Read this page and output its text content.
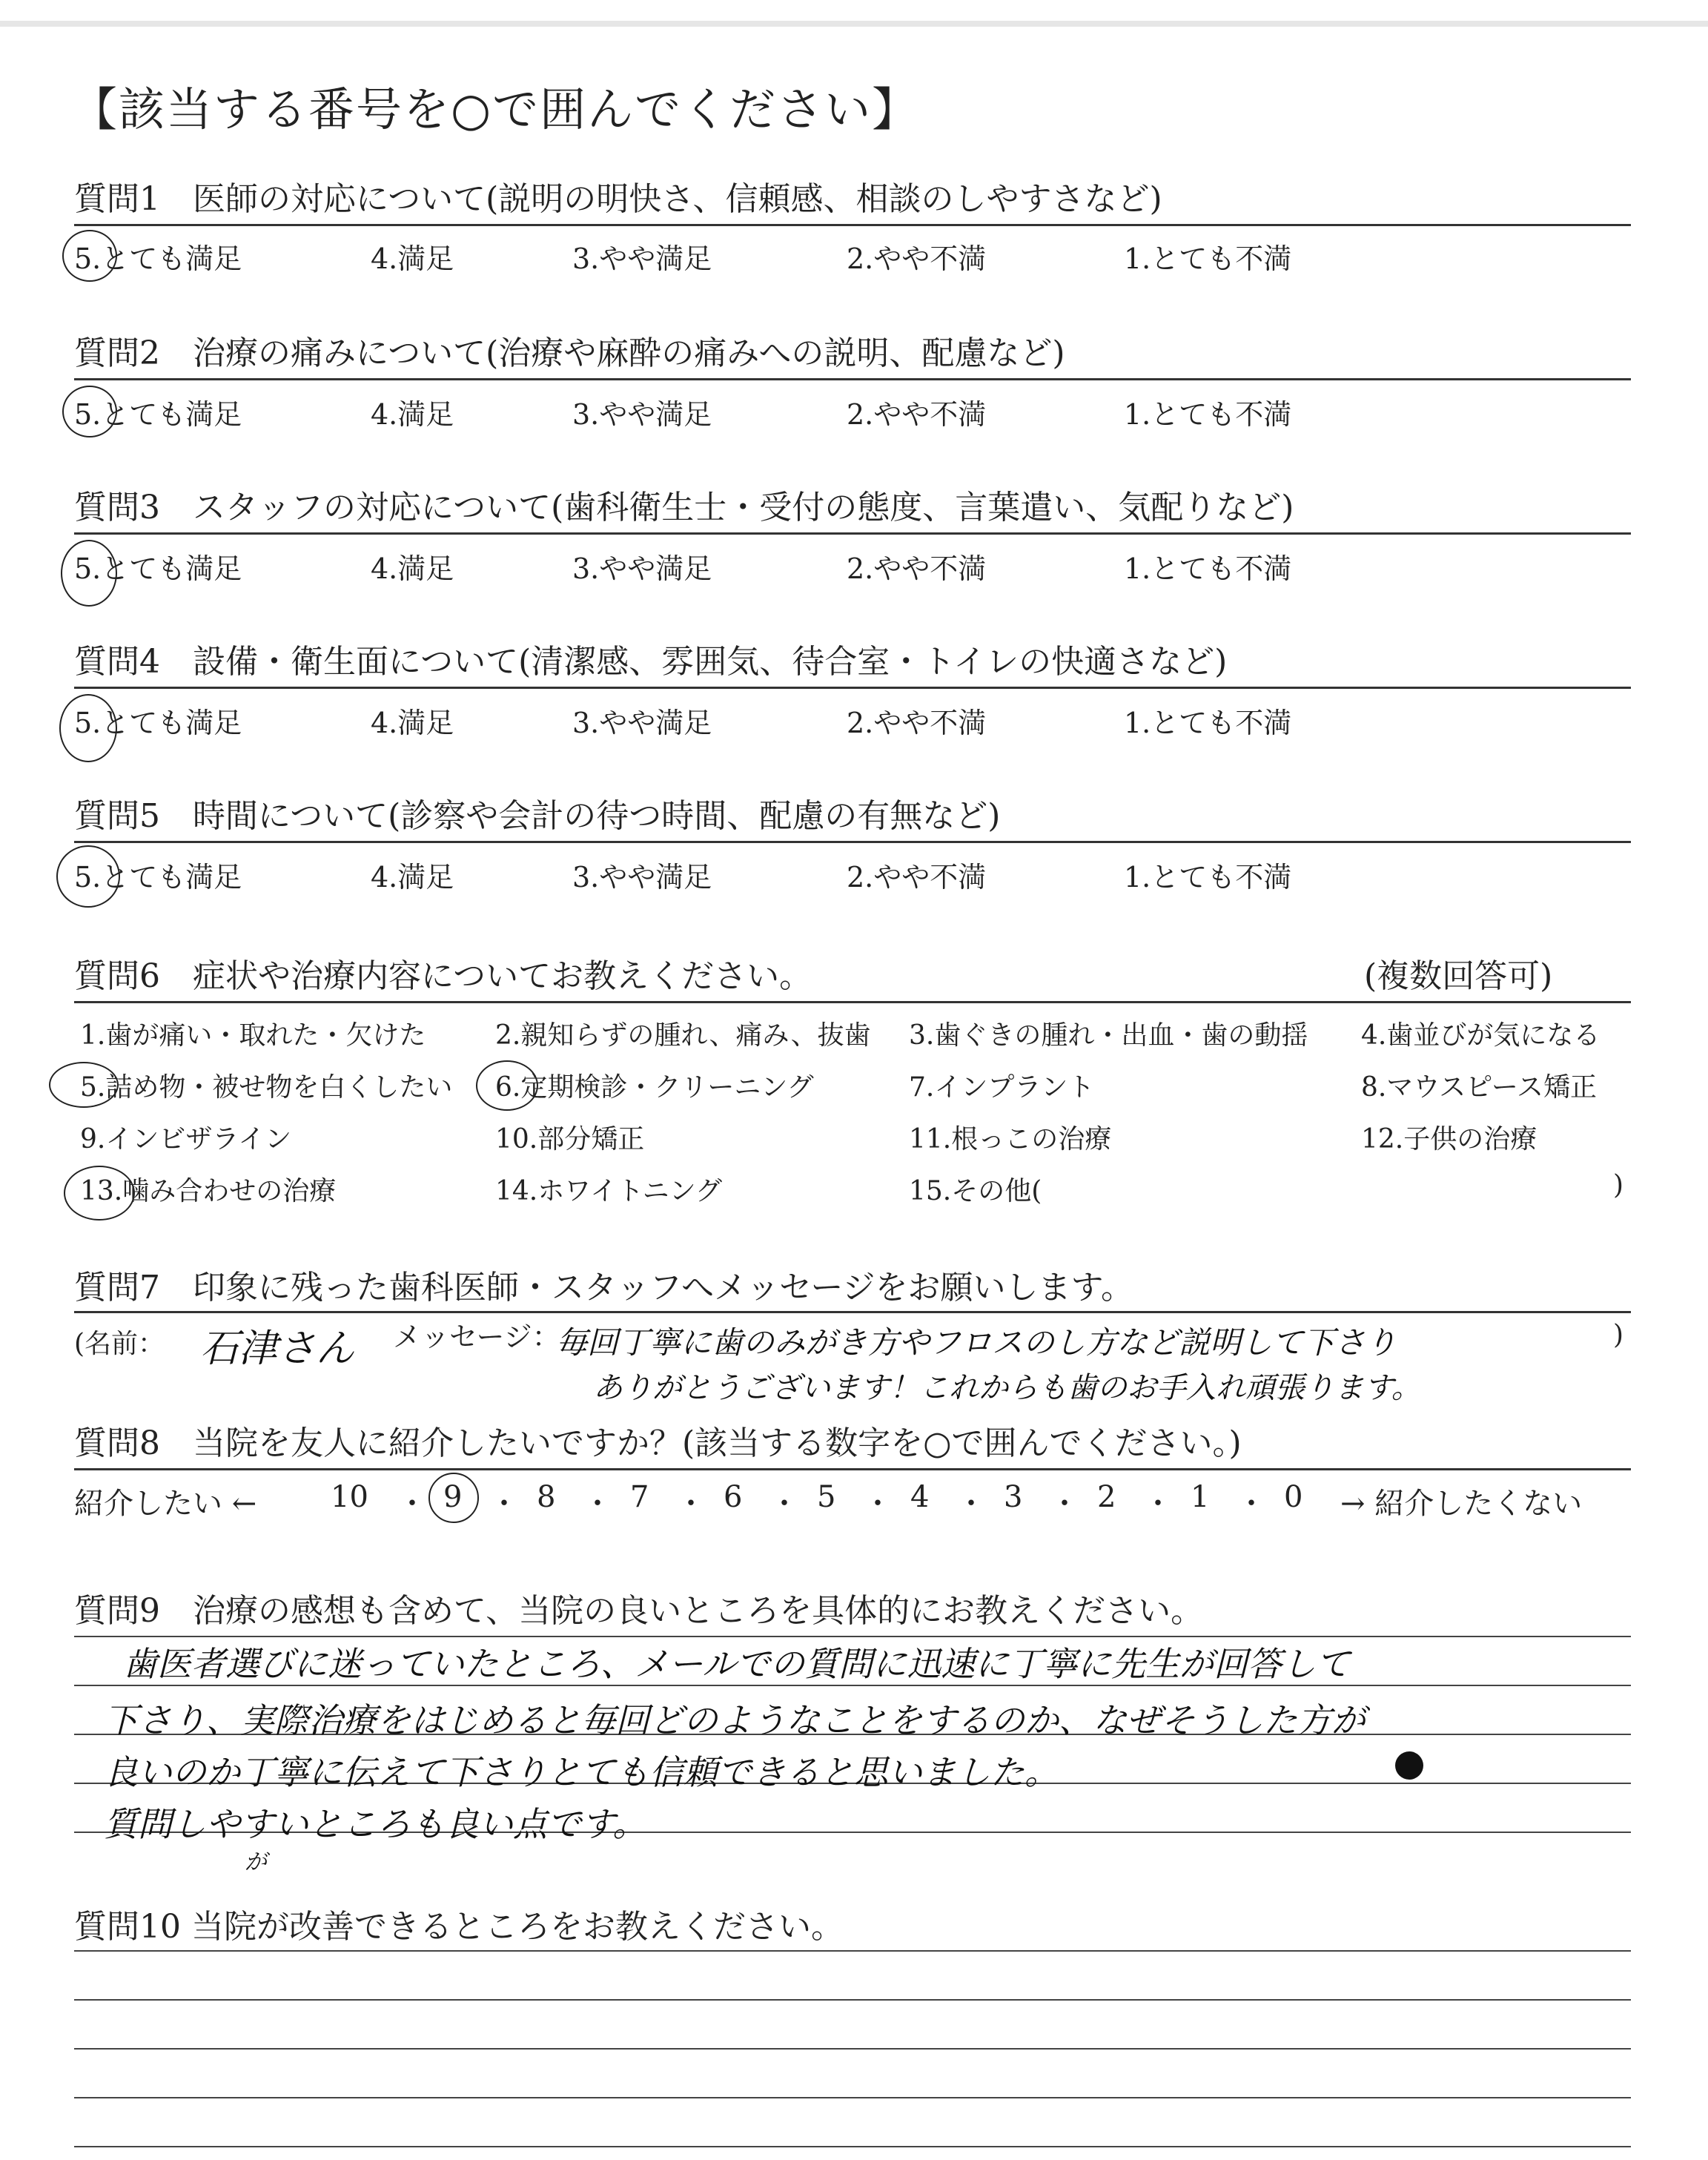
【該当する番号を○で囲んでください】
質問1　医師の対応について(説明の明快さ、信頼感、相談のしやすさなど)
5.とても満足	4.満足	3.やや満足	2.やや不満	1.とても不満
質問2　治療の痛みについて(治療や麻酔の痛みへの説明、配慮など)
5.とても満足	4.満足	3.やや満足	2.やや不満	1.とても不満
質問3　スタッフの対応について(歯科衛生士・受付の態度、言葉遣い、気配りなど)
5.とても満足	4.満足	3.やや満足	2.やや不満	1.とても不満
質問4　設備・衛生面について(清潔感、雰囲気、待合室・トイレの快適さなど)
5.とても満足	4.満足	3.やや満足	2.やや不満	1.とても不満
質問5　時間について(診察や会計の待つ時間、配慮の有無など)
5.とても満足	4.満足	3.やや満足	2.やや不満	1.とても不満
質問6　症状や治療内容についてお教えください。	(複数回答可)
1.歯が痛い・取れた・欠けた	2.親知らずの腫れ、痛み、抜歯 3.歯ぐきの腫れ・出血・歯の動揺 4.歯並びが気になる
5.詰め物・被せ物を白くしたい 6.定期検診・クリーニング	7.インプラント	8.マウスピース矯正
9.インビザライン	10.部分矯正	11.根っこの治療	12.子供の治療
13.噛み合わせの治療	14.ホワイトニング	15.その他(	)
質問7　印象に残った歯科医師・スタッフへメッセージをお願いします。
(名前： 石津さん メッセージ：
毎回丁寧に歯のみがき方やフロスのし方など説明して下さり
ありがとうございます！これからも歯のお手入れ頑張ります。
)
質問8　当院を友人に紹介したいですか？(該当する数字を○で囲んでください。)
紹介したい ← 10 ・ 9 ・ 8 ・ 7 ・ 6 ・ 5 ・ 4 ・ 3 ・ 2 ・ 1 ・ 0 → 紹介したくない
質問9　治療の感想も含めて、当院の良いところを具体的にお教えください。
歯医者選びに迷っていたところ、メールでの質問に迅速に丁寧に先生が回答して
下さり、実際治療をはじめると毎回どのようなことをするのか、なぜそうした方が
良いのか丁寧に伝えて下さりとても信頼できると思いました。
質問しやすいところも良い点です。
が
質問10 当院が改善できるところをお教えください。
